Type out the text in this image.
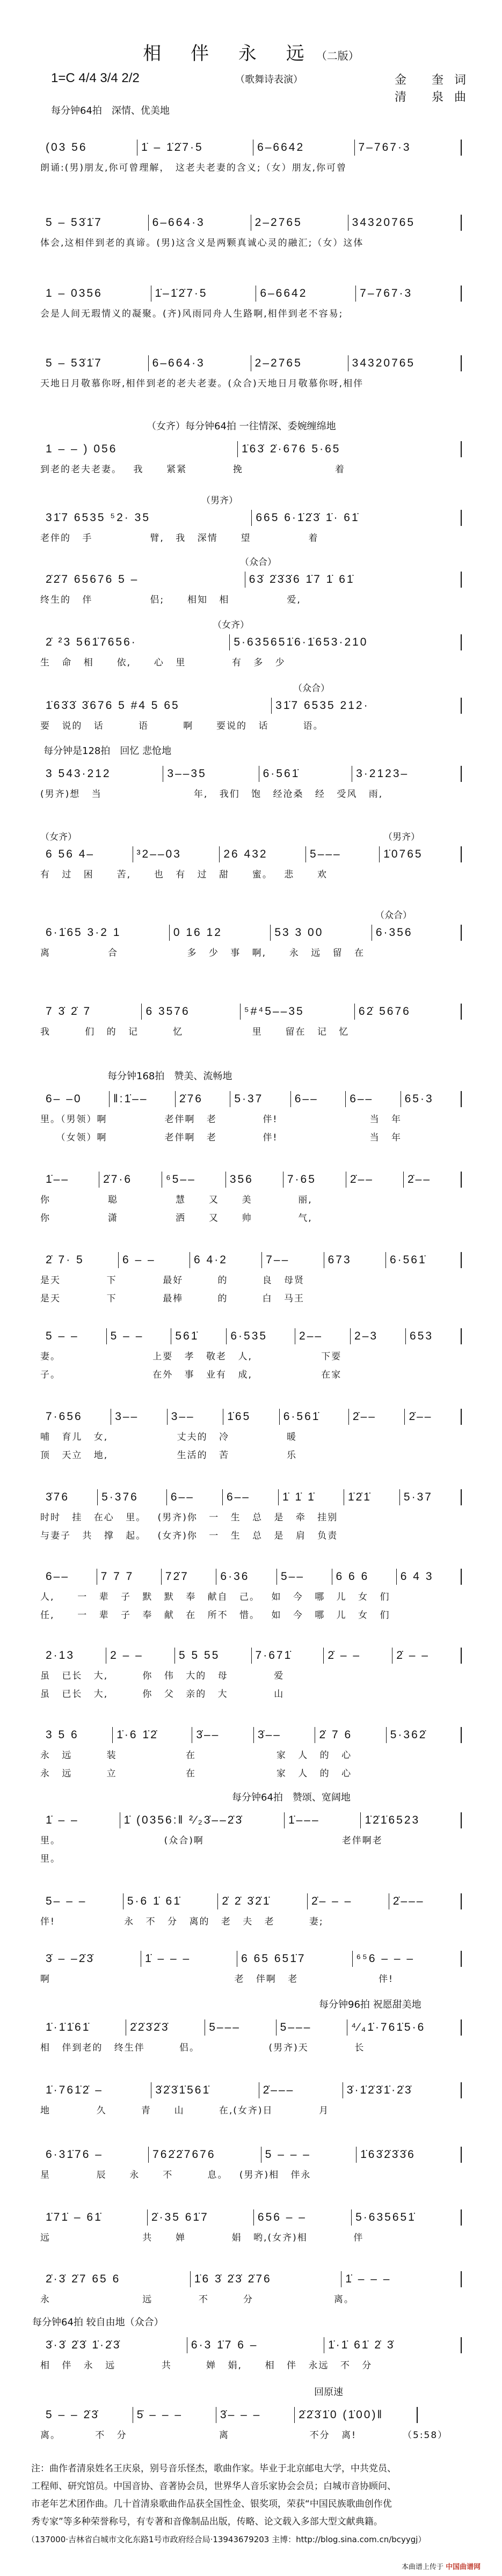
相 伴 永 远（二版）
1=C 4/4 3/4 2/2	（歌舞诗表演）	金 奎词
清 泉曲
每分钟64拍　深情、优美地
(03 56	1̇ – 1̇2̇7·5	6–6642	7–767·3
朗诵:(男)朋友,你可曾理解，　这老夫老妻的含义;（女）朋友,你可曾
5 – 53̇1̇7	6–664·3	2–2765	34320765
体会,这相伴到老的真谛。(男)这含义是两颗真诚心灵的融汇;（女）这体
1 – 0356	1̇–1̇2̇7·5	6–6642	7–767·3
会是人间无瑕情义的凝聚。(齐)风雨同舟人生路啊,相伴到老不容易;
5 – 53̇1̇7	6–664·3	2–2765	34320765
天地日月敬慕你呀,相伴到老的老夫老妻。(众合)天地日月敬慕你呀,相伴
（女齐）每分钟64拍 一往情深、委婉缠绵地
1 – – ) 056	1̇63̇ 2̇·676 5·65
到老的老夫老妻。 我  紧紧    挽        着
（男齐）
31̇7 6535 ⁵2· 35	665 6·1̇2̇3̇ 1̇· 61̇
老伴的 手     臂, 我 深情  望     着
（众合）
2̇2̇7 65676 5 –	63̇ 2̇3̇3̇6 1̇7 1̇ 61̇
终生的 伴     侣;  相知 相     爱,
（女齐）
2̇ ²3 561̇7656·	5·635651̇6·1̇653·210
生 命 相  依,  心 里    有 多 少
（众合）
1̇63̇3̇ 3̇676 5 #4 5 65	31̇7 6535 212·
要 说的 话   语   啊  要说的 话   语。
每分钟是128拍　回忆 悲怆地
3 543·212	3––35	6·561̇	3·2123–
(男齐)想 当        年, 我们 饱 经沧桑 经 受风 雨,
（女齐）	（男齐）
6 56 4–	³2––03	26 432	5–––	1̇0765
有 过 困  苦,  也 有 过 甜  蜜。 悲  欢
（众合）
6·1̇65 3·2 1	0 16 12	53 3 00	6·356
离     合      多 少 事 啊,  永 远 留 在
7 3̇ 2̇ 7	6 3576	⁵#⁴5––35	62̇ 5676
我   们 的 记   忆      里  留在 记 忆
每分钟168拍　赞美、流畅地
6– –0	‖:1̇––	2̇76	5·37	6––	6––	65·3
里。（男领）啊     老伴啊 老    伴!        当 年
　　（女领）啊     老伴啊 老    伴!        当 年
1̇––	2̇7·6	⁶5––	356	7·65	2̇––	2̇––
你     聪     慧  又  美    丽,
你     潇     洒  又  帅    气,
2̇ 7· 5	6 – –	6 4·2	7––	673	6·561̇
是天    下    最好   的   良 母贤
是天    下    最棒   的   白 马王
5 – –	5 – –	561̇	6·535	2––	2–3	653
妻。        上要 孝 敬老 人,      下要
子。        在外 事 业有 成,      在家
7·656	3––	3––	1̇65	6·561̇	2̇––	2̇––
哺 育儿 女,      丈夫的 冷     暖
顶 天立 地,      生活的 苦     乐
3̇76	5·376	6––	6––	1̇ 1̇ 1̇	1̇2̇1̇	5·37
时时 挂 在心 里。 (男齐)你 一 生 总 是 牵 挂别
与妻子 共 撑 起。 (女齐)你 一 生 总 是 肩 负责
6––	7 7 7	72̇7	6·36	5––	6 6 6	6 4 3
人,  一 辈 子 默 默 奉 献自 己。 如 今 哪 儿 女 们
任,  一 辈 子 奉 献 在 所不 惜。 如 今 哪 儿 女 们
2·13	2 – –	5 5 55	7·671̇	2̇ – –	2̇ – –
虽 已长 大,   你 伟 大的 母    爱
虽 已长 大,   你 父 亲的 大    山
3 5 6	1̇·6 1̇2̇	3̇––	3̇––	2̇ 7 6	5·362̇
永 远   装      在       家 人 的 心
永 远   立      在       家 人 的 心
每分钟64拍　赞颂、宽阔地
1̇ – –	1̇ (0356:‖ ²⁄₂3̇––2̇3̇	1̇–––	1̇2̇1̇6523
里。         (众合)啊            老伴啊老
里。
5– – –	5·6 1̇ 61̇	2̇ 2̇ 3̇2̇1̇	2̇– – –	2̇–––
伴!      永 不 分 离的 老 夫 老   妻;
3̇ – –2̇3̇	1̇ – – –	6 65 651̇7	⁶⁵6 – – –
啊                老 伴啊 老       伴!
每分钟96拍 祝愿甜美地
1̇·1̇1̇61̇	2̇2̇3̇2̇3̇	5–––	5–––	⁴⁄₄1̇·761̇5·6
相 伴到老的 终生伴   侣。      (男齐)天    长
1̇·761̇2̇ –	3̇2̇3̇1̇561̇	2̇–––	3̇·1̇2̇3̇1̇·2̇3̇
地    久   青  山   在,(女齐)日    月
6·31̇76 –	762̇2̇7676	5 – – –	1̇63̇2̇3̇3̇6
星    辰  永  不   息。 (男齐)相 伴永
1̇71̇ – 61̇	2̇·35 61̇7	656 – –	5·635651̇
远        共  婵    娟 哟,(女齐)相    伴
2̇·3̇ 2̇7 65 6	1̇6 3̇ 2̇3̇ 2̇76	1̇ – – –
永        远    不   分       离。
每分钟64拍 较自由地（众合）
3̇·3̇ 2̇3̇ 1̇·2̇3̇	6·3 1̇7 6 –	1̇·1̇ 61̇ 2̇ 3̇
相 伴 永 远    共   婵 娟,  相 伴 永远 不 分
回原速
5 – – 2̇3̇	5̇ – – –	3̇– – –	2̇2̇3̇1̇0 (1̇00)‖
离。   不 分        离       不分 离!	（5:58）
注：曲作者清泉姓名王庆泉，别号音乐怪杰，歌曲作家。毕业于北京邮电大学，中共党员、
工程师、研究馆员。中国音协、音著协会员，世界华人音乐家协会会员；白城市音协顾问、
市老年艺术团作曲。几十首清泉歌曲作品获全国性金、银奖项，荣获“中国民族歌曲创作优
秀专家”等多种荣誉称号，有专著和音像制品出版，传略、论文载入多部大型文献典籍。
（137000·吉林省白城市文化东路1号市政府经合局·13943679203 主博：http://blog.sina.com.cn/bcyygj）
本曲谱上传于 中国曲谱网
